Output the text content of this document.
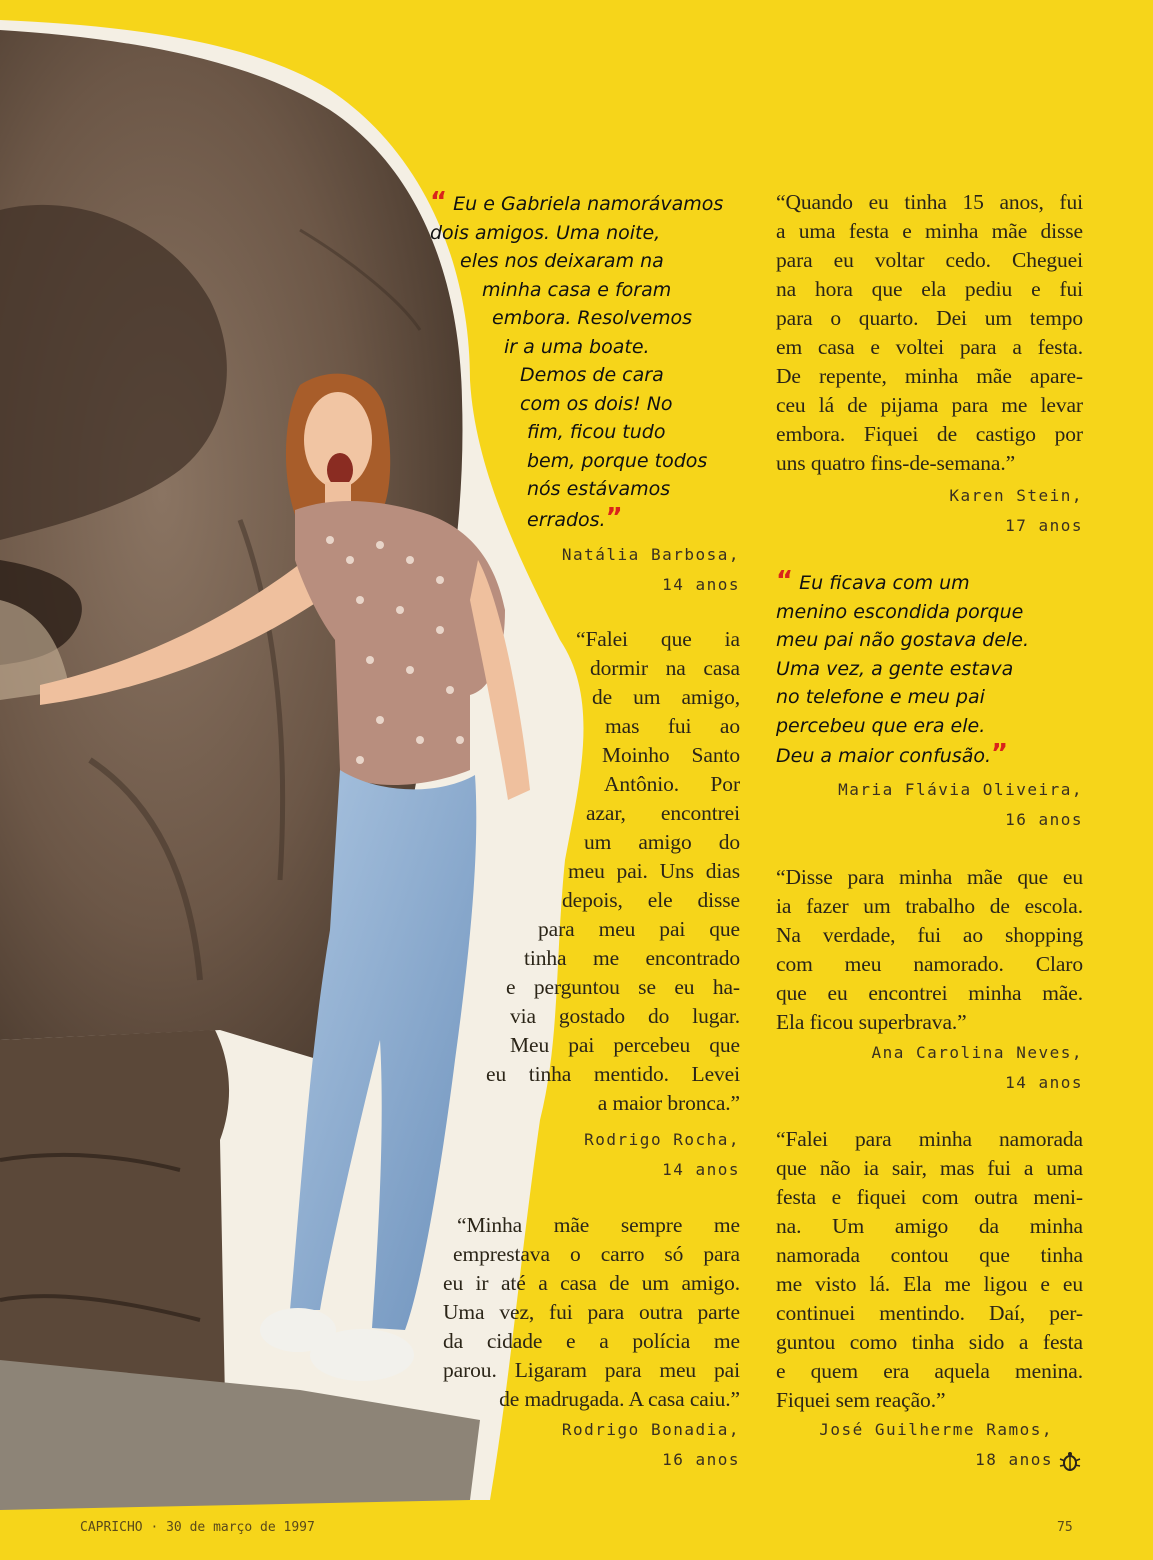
“ Eu e Gabriela namorávamos
dois amigos. Uma noite,
eles nos deixaram na
minha casa e foram
embora. Resolvemos
ir a uma boate.
Demos de cara
com os dois! No
fim, ficou tudo
bem, porque todos
nós estávamos
errados.”

Natália Barbosa,
14 anos

“Falei que ia
dormir na casa
de um amigo,
mas fui ao
Moinho Santo
Antônio. Por
azar, encontrei
um amigo do
meu pai. Uns dias
depois, ele disse
para meu pai que
tinha me encontrado
e perguntou se eu ha-
via gostado do lugar.
Meu pai percebeu que
eu tinha mentido. Levei
a maior bronca.”

Rodrigo Rocha,
14 anos

“Minha mãe sempre me
emprestava o carro só para
eu ir até a casa de um amigo.
Uma vez, fui para outra parte
da cidade e a polícia me
parou. Ligaram para meu pai
de madrugada. A casa caiu.”

Rodrigo Bonadia,
16 anos

“Quando eu tinha 15 anos, fui
a uma festa e minha mãe disse
para eu voltar cedo. Cheguei
na hora que ela pediu e fui
para o quarto. Dei um tempo
em casa e voltei para a festa.
De repente, minha mãe apare-
ceu lá de pijama para me levar
embora. Fiquei de castigo por
uns quatro fins-de-semana.”

Karen Stein,
17 anos

“ Eu ficava com um
menino escondida porque
meu pai não gostava dele.
Uma vez, a gente estava
no telefone e meu pai
percebeu que era ele.
Deu a maior confusão.”

Maria Flávia Oliveira,
16 anos

“Disse para minha mãe que eu
ia fazer um trabalho de escola.
Na verdade, fui ao shopping
com meu namorado. Claro
que eu encontrei minha mãe.
Ela ficou superbrava.”

Ana Carolina Neves,
14 anos

“Falei para minha namorada
que não ia sair, mas fui a uma
festa e fiquei com outra meni-
na. Um amigo da minha
namorada contou que tinha
me visto lá. Ela me ligou e eu
continuei mentindo. Daí, per-
guntou como tinha sido a festa
e quem era aquela menina.
Fiquei sem reação.”

José Guilherme Ramos,
18 anos
CAPRICHO · 30 de março de 1997	75
